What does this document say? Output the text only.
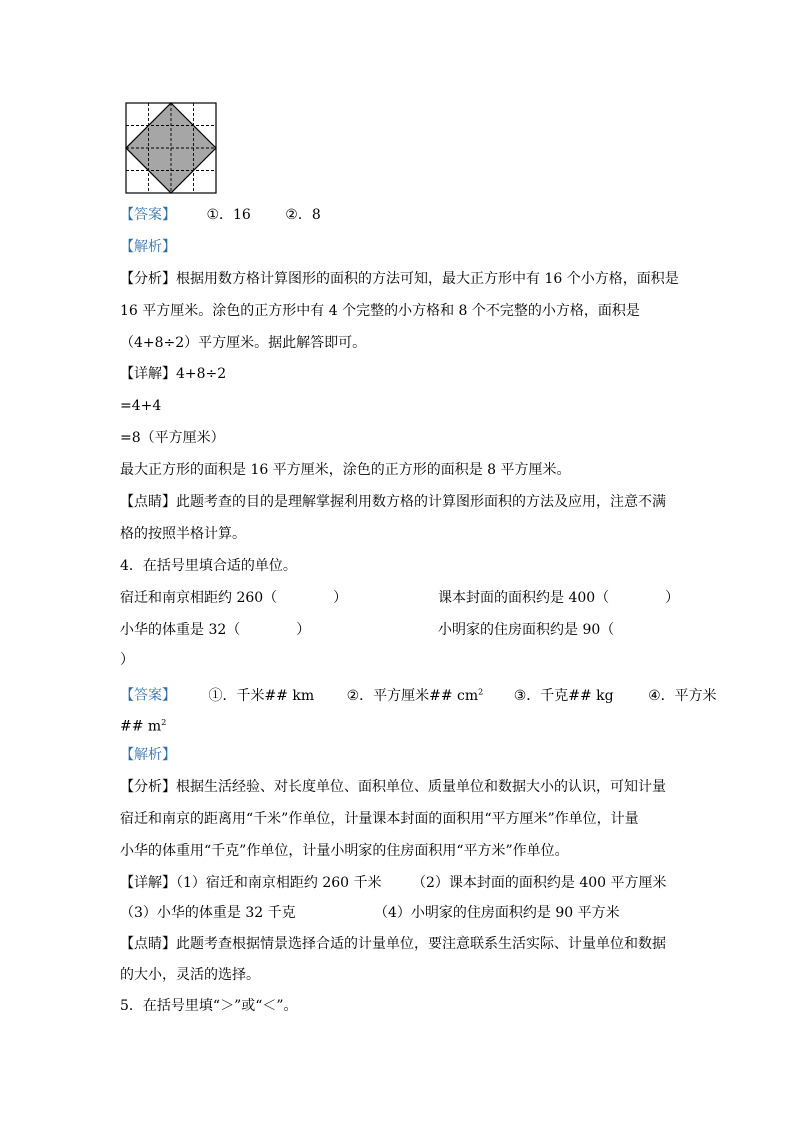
【答案】 ①．16 ②．8
【解析】
【分析】根据用数方格计算图形的面积的方法可知，最大正方形中有 16 个小方格，面积是
16 平方厘米。涂色的正方形中有 4 个完整的小方格和 8 个不完整的小方格，面积是
（4+8÷2）平方厘米。据此解答即可。
【详解】4+8÷2
=4+4
=8（平方厘米）
最大正方形的面积是 16 平方厘米，涂色的正方形的面积是 8 平方厘米。
【点睛】此题考查的目的是理解掌握利用数方格的计算图形面积的方法及应用，注意不满
格的按照半格计算。
4．在括号里填合适的单位。
宿迁和南京相距约 260（　　　　）	课本封面的面积约是 400（　　　　）
小华的体重是 32（　　　　）	小明家的住房面积约是 90（
）
【答案】 ①．千米## km ②．平方厘米## cm$^2$ ③．千克## kg ④．平方米
## m$^2$
【解析】
【分析】根据生活经验、对长度单位、面积单位、质量单位和数据大小的认识，可知计量
宿迁和南京的距离用“千米”作单位，计量课本封面的面积用“平方厘米”作单位，计量
小华的体重用“千克”作单位，计量小明家的住房面积用“平方米”作单位。
【详解】（1）宿迁和南京相距约 260 千米 （2）课本封面的面积约是 400 平方厘米
（3）小华的体重是 32 千克	（4）小明家的住房面积约是 90 平方米
【点睛】此题考查根据情景选择合适的计量单位，要注意联系生活实际、计量单位和数据
的大小，灵活的选择。
5．在括号里填“＞”或“＜”。
